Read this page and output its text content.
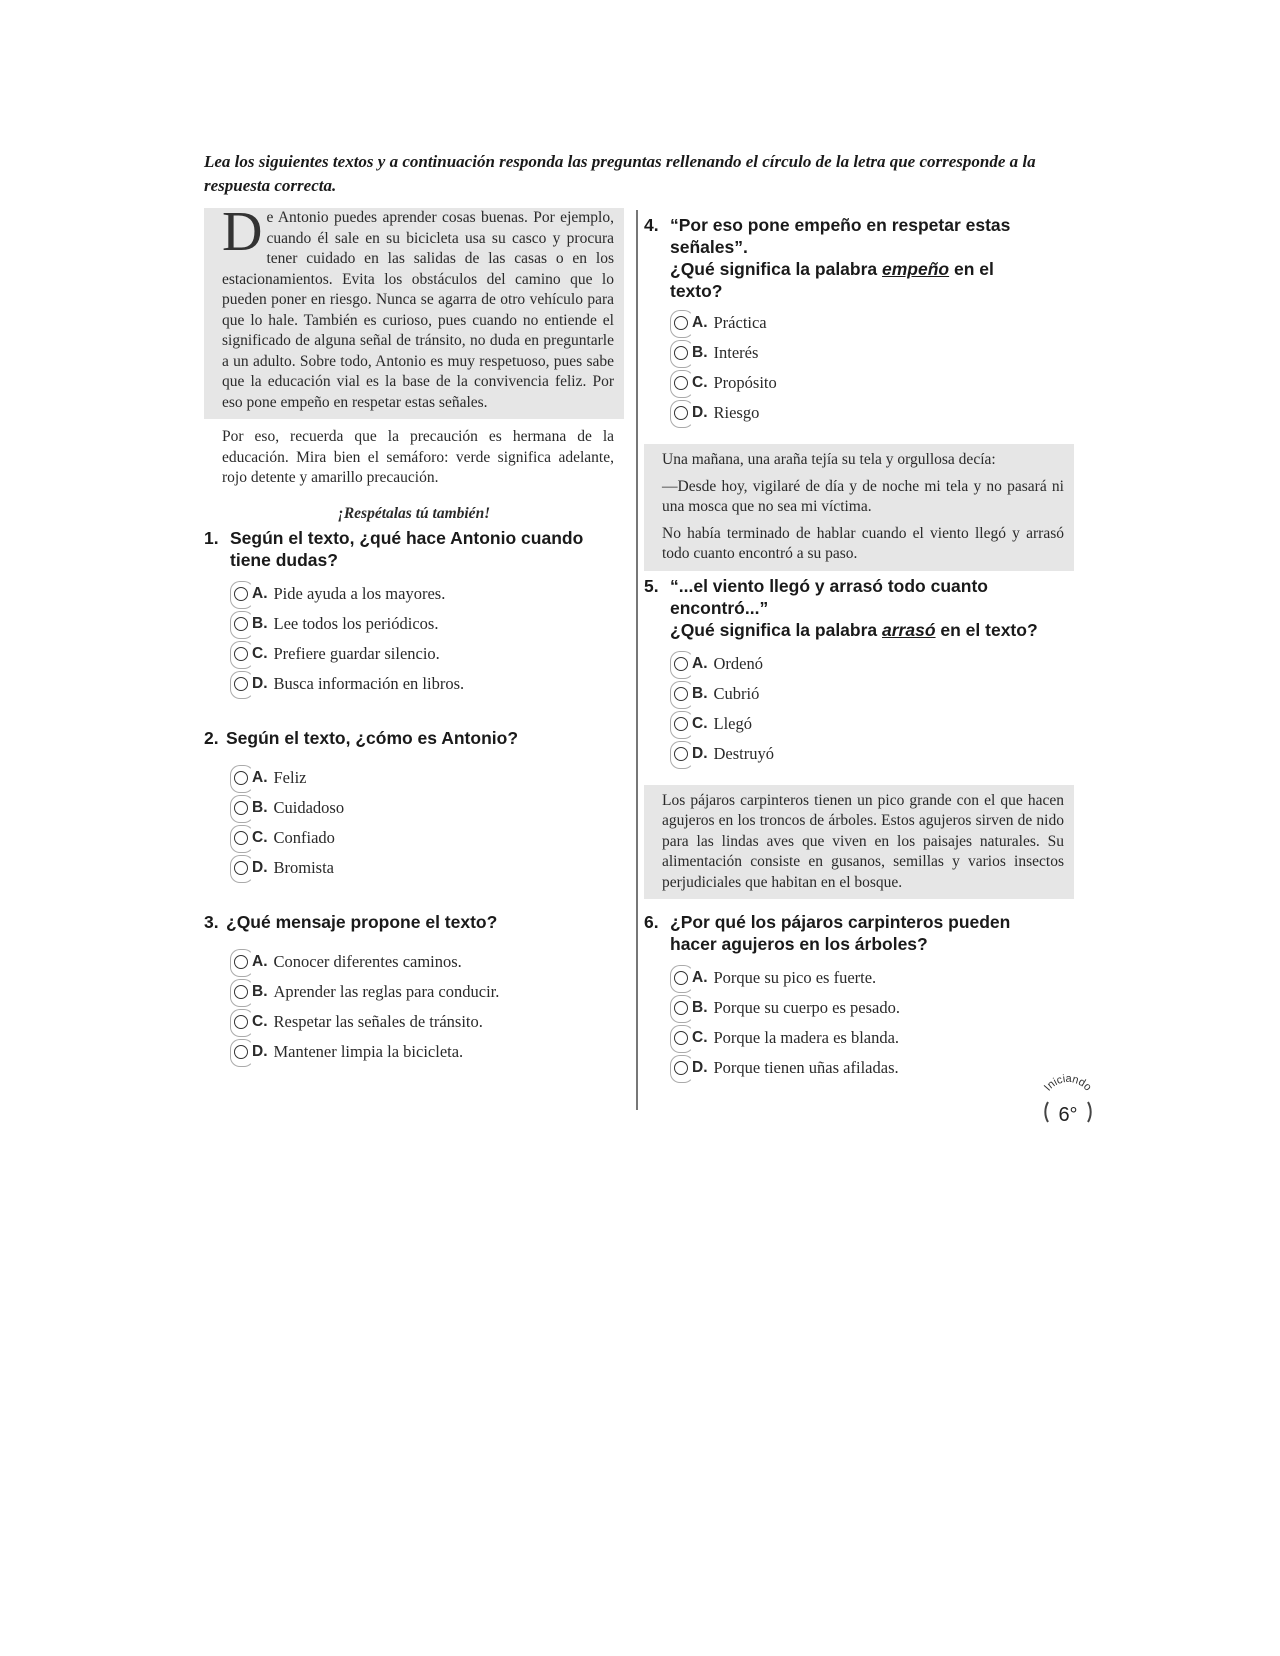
Lea los siguientes textos y a continuación responda las preguntas rellenando el círculo de la letra que corresponde a la respuesta correcta.

De Antonio puedes aprender cosas buenas. Por ejemplo, cuando él sale en su bicicleta usa su casco y procura tener cuidado en las salidas de las casas o en los estacionamientos. Evita los obstáculos del camino que lo pueden poner en riesgo. Nunca se agarra de otro vehículo para que lo hale. También es curioso, pues cuando no entiende el significado de alguna señal de tránsito, no duda en preguntarle a un adulto. Sobre todo, Antonio es muy respetuoso, pues sabe que la educación vial es la base de la convivencia feliz. Por eso pone empeño en respetar estas señales.

Por eso, recuerda que la precaución es hermana de la educación. Mira bien el semáforo: verde significa adelante, rojo detente y amarillo precaución.

¡Respétalas tú también!
1. Según el texto, ¿qué hace Antonio cuando
tiene dudas?
A. Pide ayuda a los mayores.
B. Lee todos los periódicos.
C. Prefiere guardar silencio.
D. Busca información en libros.
2. Según el texto, ¿cómo es Antonio?
A. Feliz
B. Cuidadoso
C. Confiado
D. Bromista
3. ¿Qué mensaje propone el texto?
A. Conocer diferentes caminos.
B. Aprender las reglas para conducir.
C. Respetar las señales de tránsito.
D. Mantener limpia la bicicleta.
4. “Por eso pone empeño en respetar estas
señales”.
¿Qué significa la palabra empeño en el
texto?
A. Práctica
B. Interés
C. Propósito
D. Riesgo

Una mañana, una araña tejía su tela y orgullosa decía:

—Desde hoy, vigilaré de día y de noche mi tela y no pasará ni una mosca que no sea mi víctima.

No había terminado de hablar cuando el viento llegó y arrasó todo cuanto encontró a su paso.

5. “...el viento llegó y arrasó todo cuanto
encontró...”
¿Qué significa la palabra arrasó en el texto?
A. Ordenó
B. Cubrió
C. Llegó
D. Destruyó

Los pájaros carpinteros tienen un pico grande con el que hacen agujeros en los troncos de árboles. Estos agujeros sirven de nido para las lindas aves que viven en los paisajes naturales. Su alimentación consiste en gusanos, semillas y varios insectos perjudiciales que habitan en el bosque.

6. ¿Por qué los pájaros carpinteros pueden
hacer agujeros en los árboles?
A. Porque su pico es fuerte.
B. Porque su cuerpo es pesado.
C. Porque la madera es blanda.
D. Porque tienen uñas afiladas.
Iniciando
6°
